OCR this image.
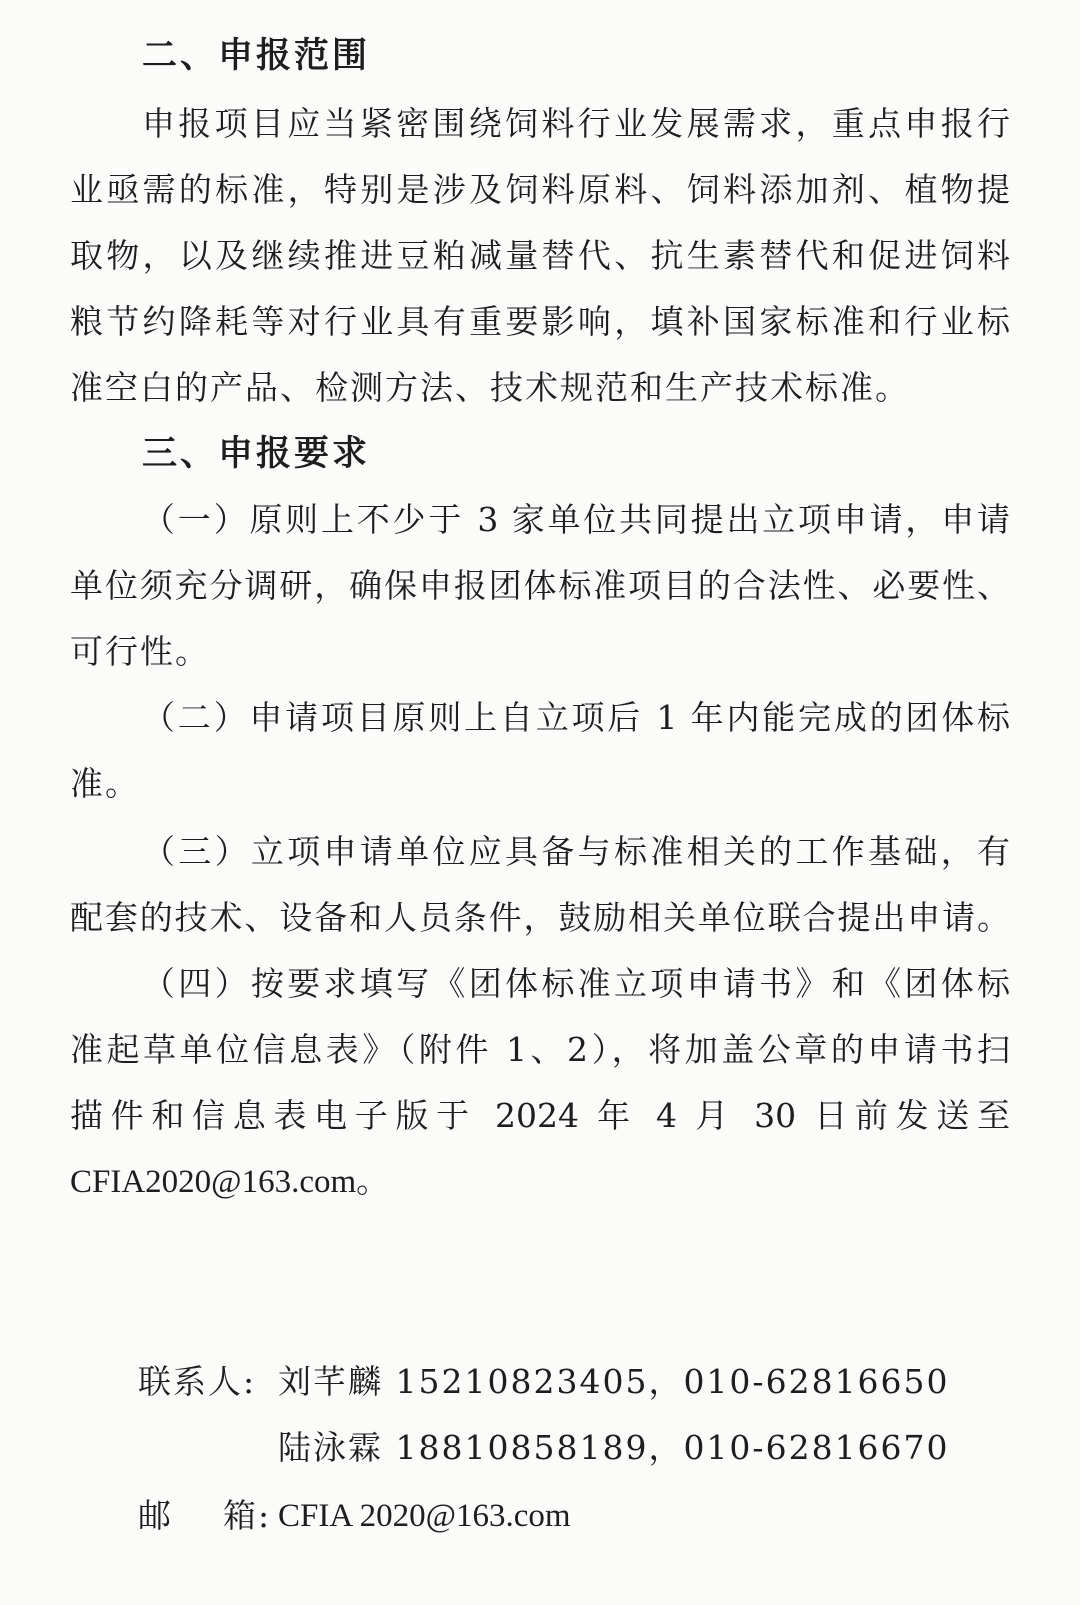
二、申报范围
申报项目应当紧密围绕饲料行业发展需求，重点申报行
业亟需的标准，特别是涉及饲料原料、饲料添加剂、植物提
取物，以及继续推进豆粕减量替代、抗生素替代和促进饲料
粮节约降耗等对行业具有重要影响，填补国家标准和行业标
准空白的产品、检测方法、技术规范和生产技术标准。
三、申报要求
（一）原则上不少于 3 家单位共同提出立项申请，申请
单位须充分调研，确保申报团体标准项目的合法性、必要性、
可行性。
（二）申请项目原则上自立项后 1 年内能完成的团体标
准。
（三）立项申请单位应具备与标准相关的工作基础，有
配套的技术、设备和人员条件，鼓励相关单位联合提出申请。
（四）按要求填写《团体标准立项申请书》和《团体标
准起草单位信息表》（附件 1、2），将加盖公章的申请书扫
描件和信息表电子版于 2024 年 4 月 30 日前发送至
CFIA2020@163.com。
联系人: 刘芊麟 15210823405，010-62816650
陆泳霖 18810858189，010-62816670
邮    箱: CFIA 2020@163.com
